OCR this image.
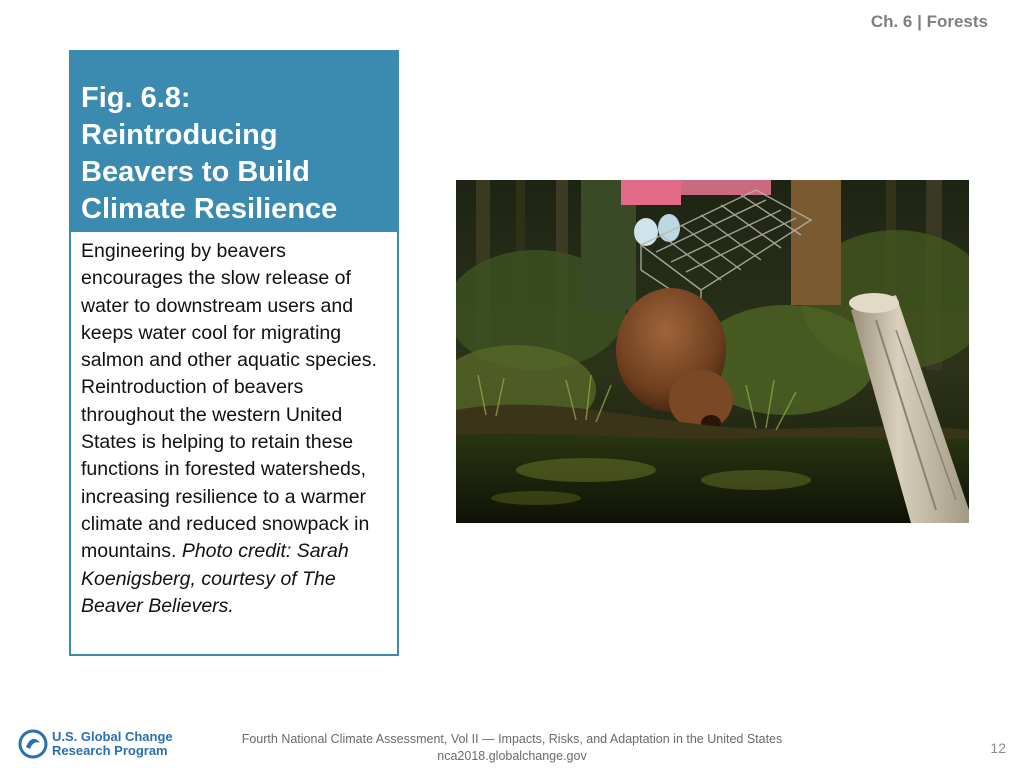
Ch. 6 | Forests
Fig. 6.8: Reintroducing Beavers to Build Climate Resilience
Engineering by beavers encourages the slow release of water to downstream users and keeps water cool for migrating salmon and other aquatic species. Reintroduction of beavers throughout the western United States is helping to retain these functions in forested watersheds, increasing resilience to a warmer climate and reduced snowpack in mountains. Photo credit: Sarah Koenigsberg, courtesy of The Beaver Believers.
U.S. Global Change
Research Program
Fourth National Climate Assessment, Vol II — Impacts, Risks, and Adaptation in the United States
nca2018.globalchange.gov	12
